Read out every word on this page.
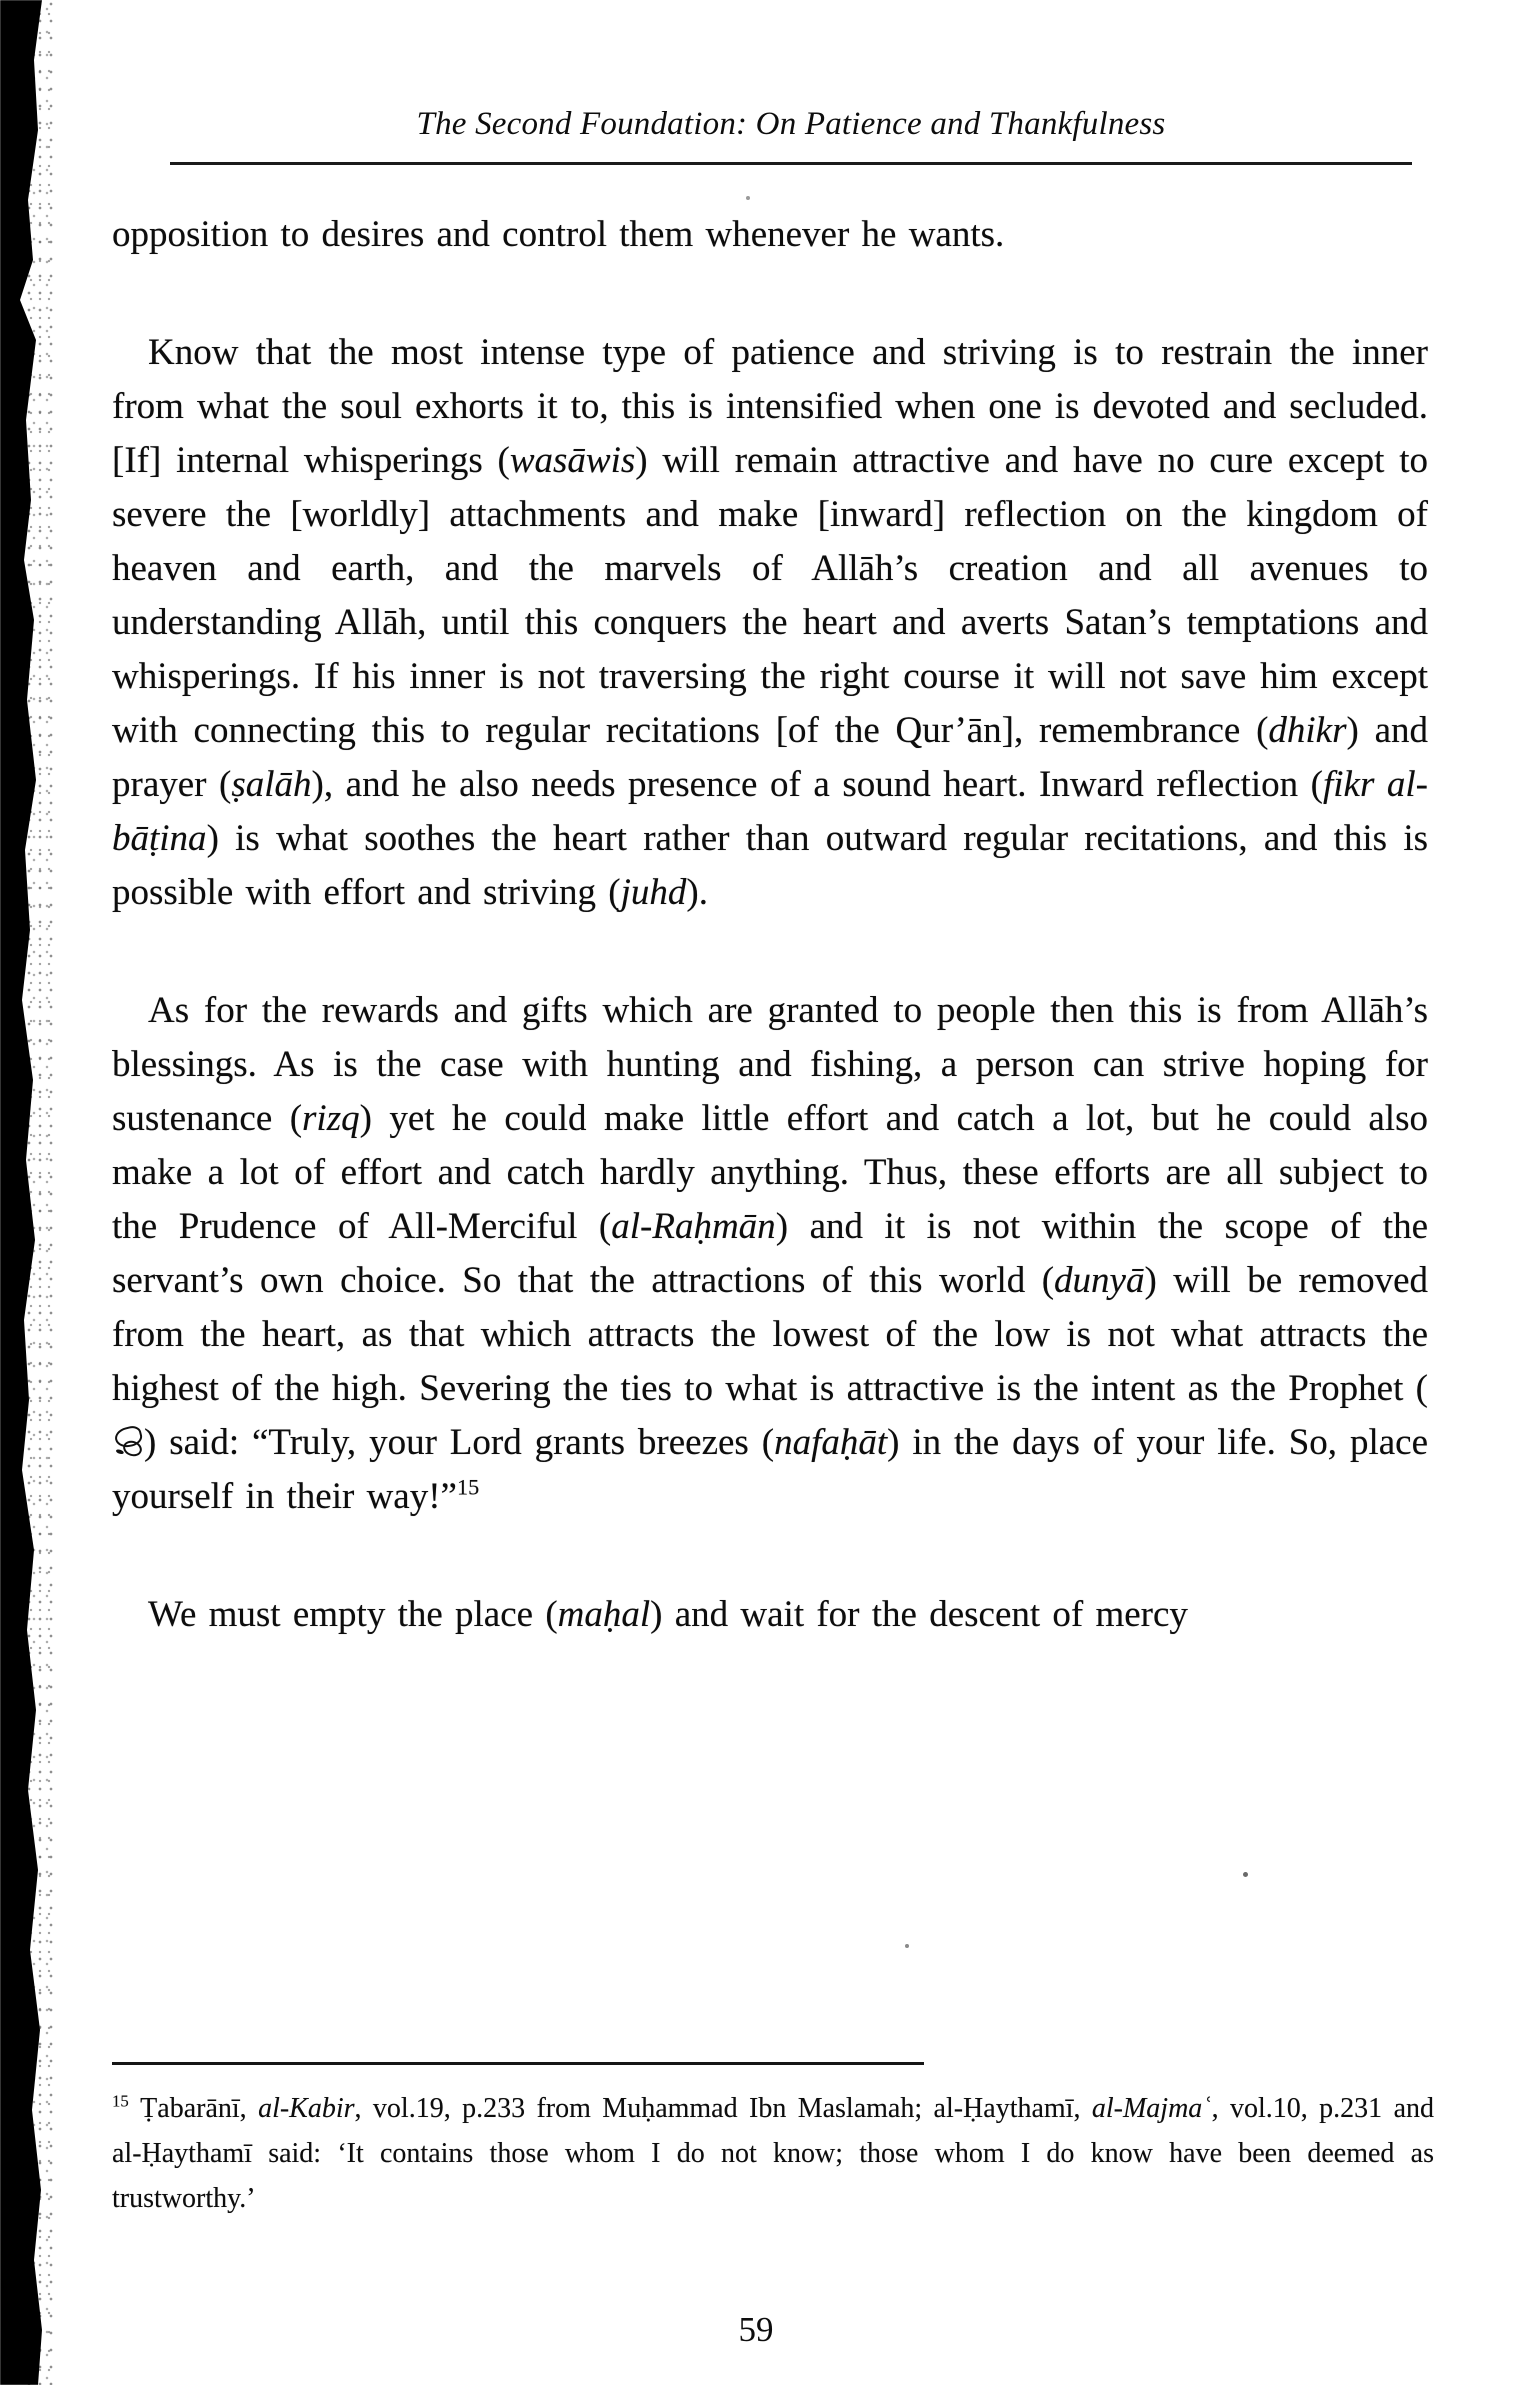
The Second Foundation: On Patience and Thankfulness

opposition to desires and control them whenever he wants.

Know that the most intense type of patience and striving is to restrain the inner from what the soul exhorts it to, this is intensified when one is devoted and secluded. [If] internal whisperings (wasāwis) will remain attractive and have no cure except to severe the [worldly] attachments and make [inward] reflection on the kingdom of heaven and earth, and the marvels of Allāh’s creation and all avenues to understanding Allāh, until this conquers the heart and averts Satan’s temptations and whisperings. If his inner is not traversing the right course it will not save him except with connecting this to regular recitations [of the Qur’ān], remembrance (dhikr) and prayer (ṣalāh), and he also needs presence of a sound heart. Inward reflection (fikr al-bāṭina) is what soothes the heart rather than outward regular recitations, and this is possible with effort and striving (juhd).

As for the rewards and gifts which are granted to people then this is from Allāh’s blessings. As is the case with hunting and fishing, a person can strive hoping for sustenance (rizq) yet he could make little effort and catch a lot, but he could also make a lot of effort and catch hardly anything. Thus, these efforts are all subject to the Prudence of All-Merciful (al-Raḥmān) and it is not within the scope of the servant’s own choice. So that the attractions of this world (dunyā) will be removed from the heart, as that which attracts the lowest of the low is not what attracts the highest of the high. Severing the ties to what is attractive is the intent as the Prophet () said: “Truly, your Lord grants breezes (nafaḥāt) in the days of your life. So, place yourself in their way!”$^{15}$

We must empty the place (maḥal) and wait for the descent of mercy

$^{15}$ Ṭabarānī, al-Kabir, vol.19, p.233 from Muḥammad Ibn Maslamah; al-Ḥaythamī, al-Majmaʿ, vol.10, p.231 and al-Ḥaythamī said: ‘It contains those whom I do not know; those whom I do know have been deemed as trustworthy.’
59
